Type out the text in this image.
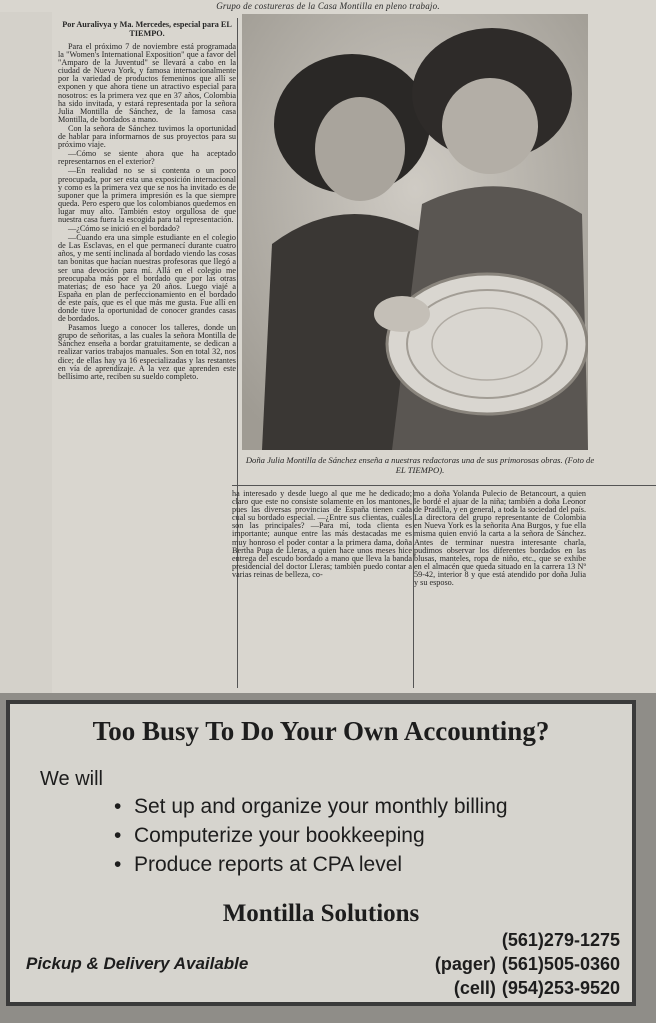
Grupo de costureras de la Casa Montilla en pleno trabajo.

Por Auralivya y Ma. Mercedes, especial para EL TIEMPO.

Para el próximo 7 de noviembre está programada la "Women's International Exposition" que a favor del "Amparo de la Juventud" se llevará a cabo en la ciudad de Nueva York, y famosa internacionalmente por la variedad de productos femeninos que allí se exponen y que ahora tiene un atractivo especial para nosotros: es la primera vez que en 37 años, Colombia ha sido invitada, y estará representada por la señora Julia Montilla de Sánchez, de la famosa casa Montilla, de bordados a mano.

Con la señora de Sánchez tuvimos la oportunidad de hablar para informarnos de sus proyectos para su próximo viaje.

—Cómo se siente ahora que ha aceptado representarnos en el exterior?

—En realidad no se si contenta o un poco preocupada, por ser esta una exposición internacional y como es la primera vez que se nos ha invitado es de suponer que la primera impresión es la que siempre queda. Pero espero que los colombianos quedemos en lugar muy alto. También estoy orgullosa de que nuestra casa fuera la escogida para tal representación.

—¿Cómo se inició en el bordado?

—Cuando era una simple estudiante en el colegio de Las Esclavas, en el que permanecí durante cuatro años, y me sentí inclinada al bordado viendo las cosas tan bonitas que hacían nuestras profesoras que llegó a ser una devoción para mí. Allá en el colegio me preocupaba más por el bordado que por las otras materias; de eso hace ya 20 años. Luego viajé a España en plan de perfeccionamiento en el bordado de este país, que es el que más me gusta. Fue allí en donde tuve la oportunidad de conocer grandes casas de bordados.

Pasamos luego a conocer los talleres, donde un grupo de señoritas, a las cuales la señora Montilla de Sánchez enseña a bordar gratuitamente, se dedican a realizar varios trabajos manuales. Son en total 32, nos dice; de ellas hay ya 16 especializadas y las restantes en vía de aprendizaje. A la vez que aprenden este bellísimo arte, reciben su sueldo completo.

Doña Julia Montilla de Sánchez enseña a nuestras redactoras una de sus primorosas obras. (Foto de EL TIEMPO).

ha interesado y desde luego al que me he dedicado; claro que este no consiste solamente en los mantones, pues las diversas provincias de España tienen cada cual su bordado especial. —¿Entre sus clientas, cuáles son las principales? —Para mí, toda clienta es importante; aunque entre las más destacadas me es muy honroso el poder contar a la primera dama, doña Bertha Puga de Lleras, a quien hace unos meses hice entrega del escudo bordado a mano que lleva la banda presidencial del doctor Lleras; también puedo contar a varias reinas de belleza, co-

mo a doña Yolanda Pulecio de Betancourt, a quien le bordé el ajuar de la niña; también a doña Leonor de Pradilla, y en general, a toda la sociedad del país. La directora del grupo representante de Colombia en Nueva York es la señorita Ana Burgos, y fue ella misma quien envió la carta a la señora de Sánchez. Antes de terminar nuestra interesante charla, pudimos observar los diferentes bordados en las blusas, manteles, ropa de niño, etc., que se exhibe en el almacén que queda situado en la carrera 13 Nº 59-42, interior 8 y que está atendido por doña Julia y su esposo.

Too Busy To Do Your Own Accounting?
We will
• Set up and organize your monthly billing
• Computerize your bookkeeping
• Produce reports at CPA level
Montilla Solutions
Pickup & Delivery Available
(561)279-1275
(pager) (561)505-0360
(cell) (954)253-9520
